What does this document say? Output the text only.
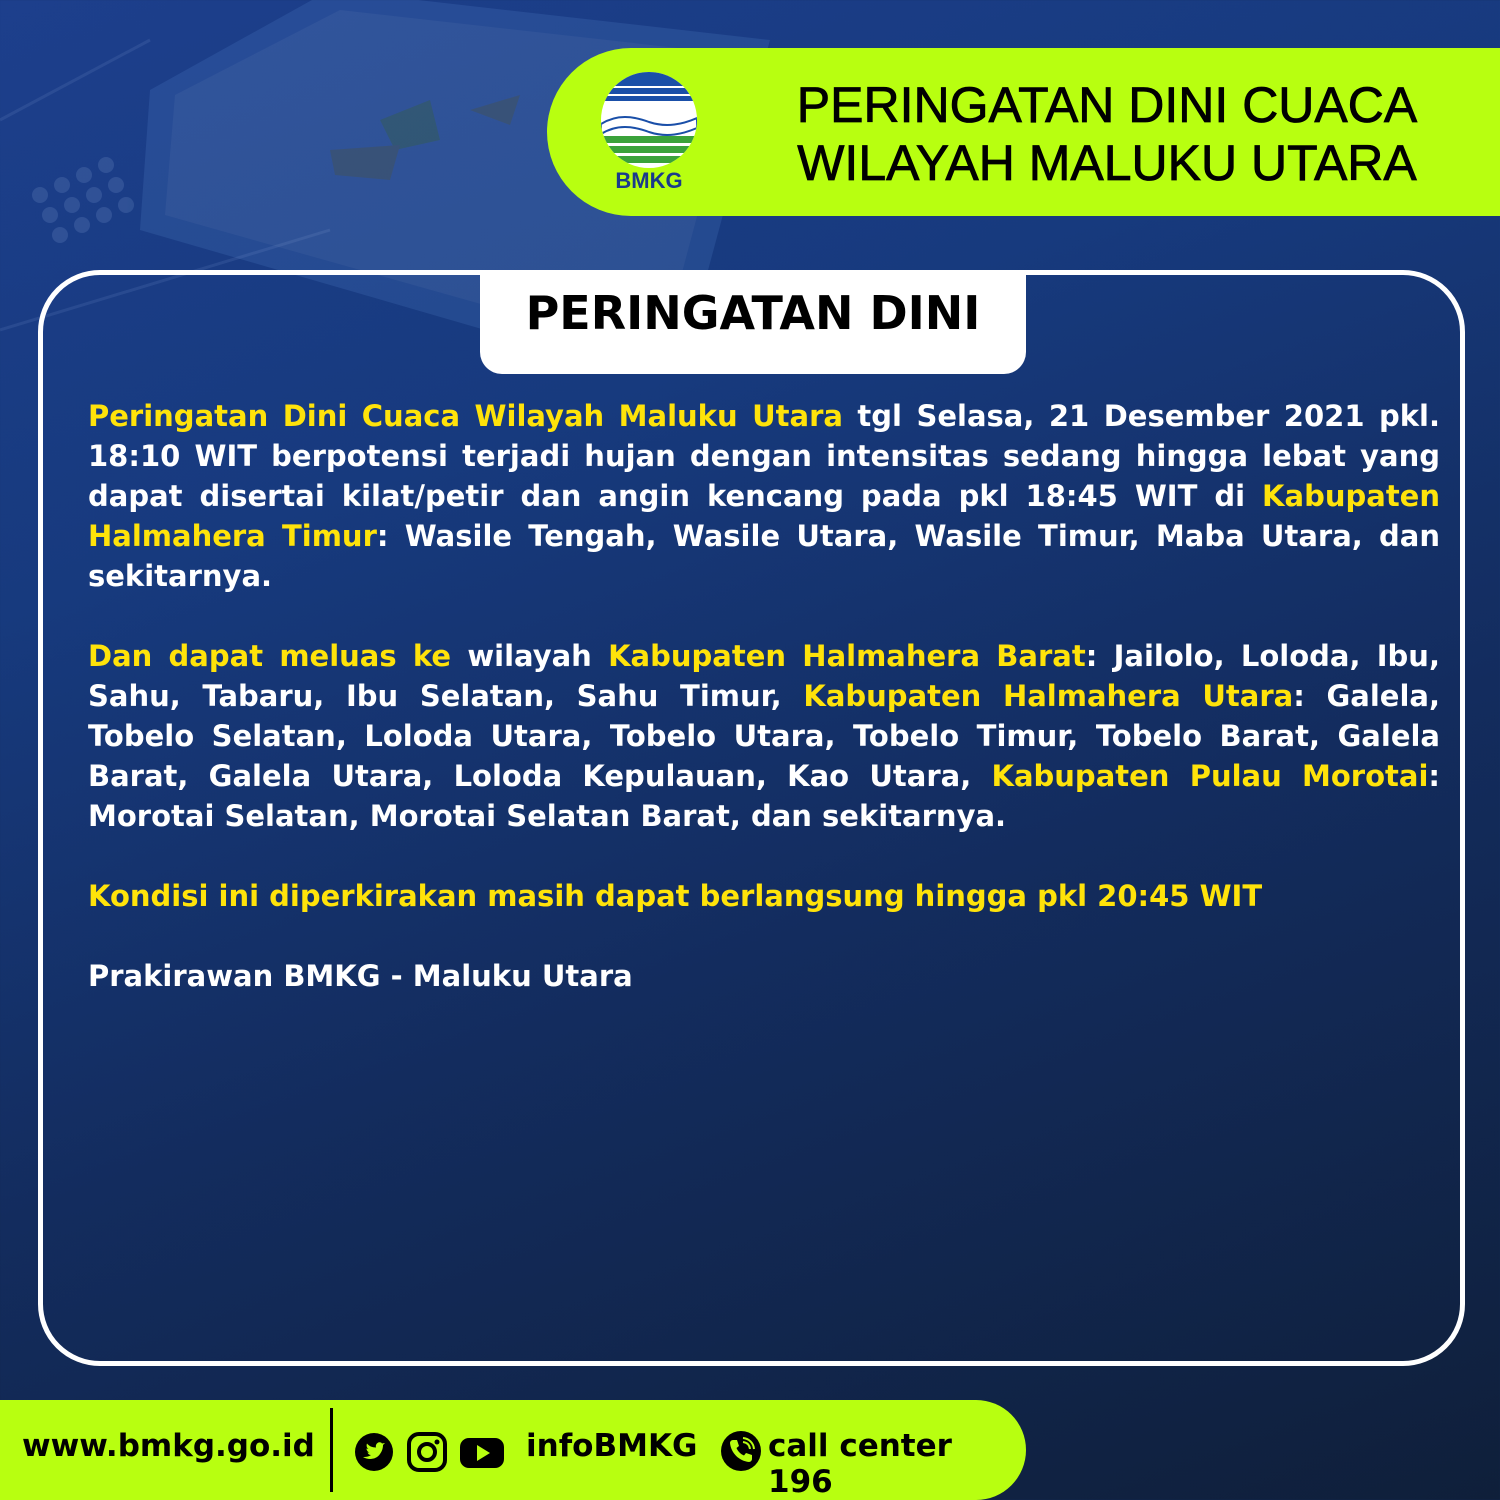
BMKG
PERINGATAN DINI CUACA
WILAYAH MALUKU UTARA
PERINGATAN DINI

Peringatan Dini Cuaca Wilayah Maluku Utara tgl Selasa, 21 Desember 2021 pkl. 18:10 WIT berpotensi terjadi hujan dengan intensitas sedang hingga lebat yang dapat disertai kilat/petir dan angin kencang pada pkl 18:45 WIT di Kabupaten Halmahera Timur: Wasile Tengah, Wasile Utara, Wasile Timur, Maba Utara, dan sekitarnya.

Dan dapat meluas ke wilayah Kabupaten Halmahera Barat: Jailolo, Loloda, Ibu, Sahu, Tabaru, Ibu Selatan, Sahu Timur, Kabupaten Halmahera Utara: Galela, Tobelo Selatan, Loloda Utara, Tobelo Utara, Tobelo Timur, Tobelo Barat, Galela Barat, Galela Utara, Loloda Kepulauan, Kao Utara, Kabupaten Pulau Morotai: Morotai Selatan, Morotai Selatan Barat, dan sekitarnya.

Kondisi ini diperkirakan masih dapat berlangsung hingga pkl 20:45 WIT

Prakirawan BMKG - Maluku Utara

www.bmkg.go.id	infoBMKG call center 196
